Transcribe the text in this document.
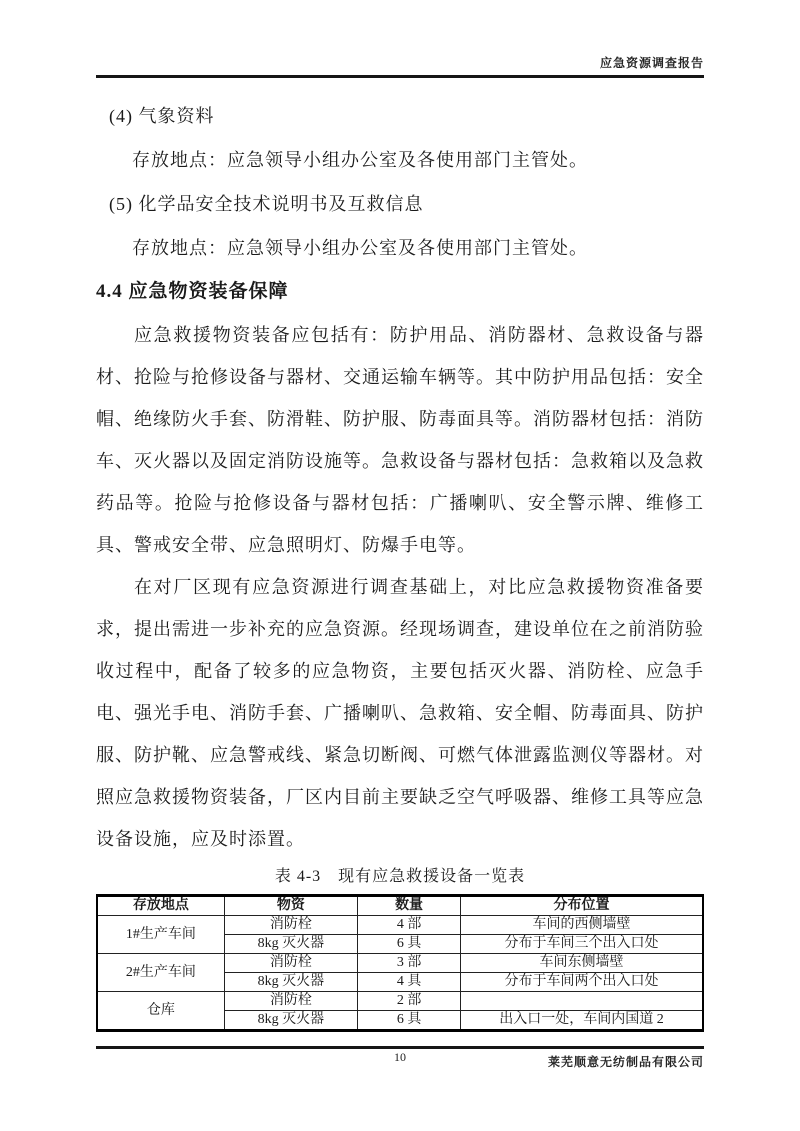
应急资源调查报告
(4) 气象资料
存放地点：应急领导小组办公室及各使用部门主管处。
(5) 化学品安全技术说明书及互救信息
存放地点：应急领导小组办公室及各使用部门主管处。
4.4 应急物资装备保障

应急救援物资装备应包括有：防护用品、消防器材、急救设备与器材、抢险与抢修设备与器材、交通运输车辆等。其中防护用品包括：安全帽、绝缘防火手套、防滑鞋、防护服、防毒面具等。消防器材包括：消防车、灭火器以及固定消防设施等。急救设备与器材包括：急救箱以及急救药品等。抢险与抢修设备与器材包括：广播喇叭、安全警示牌、维修工具、警戒安全带、应急照明灯、防爆手电等。

在对厂区现有应急资源进行调查基础上，对比应急救援物资准备要求，提出需进一步补充的应急资源。经现场调查，建设单位在之前消防验收过程中，配备了较多的应急物资，主要包括灭火器、消防栓、应急手电、强光手电、消防手套、广播喇叭、急救箱、安全帽、防毒面具、防护服、防护靴、应急警戒线、紧急切断阀、可燃气体泄露监测仪等器材。对照应急救援物资装备，厂区内目前主要缺乏空气呼吸器、维修工具等应急设备设施，应及时添置。

表 4-3　现有应急救援设备一览表
存放地点	物资	数量	分布位置
1#生产车间	消防栓	4 部	车间的西侧墙壁
	8kg 灭火器	6 具	分布于车间三个出入口处
2#生产车间	消防栓	3 部	车间东侧墙壁
	8kg 灭火器	4 具	分布于车间两个出入口处
仓库	消防栓	2 部	
	8kg 灭火器	6 具	出入口一处，车间内国道 2
10	莱芜顺意无纺制品有限公司
